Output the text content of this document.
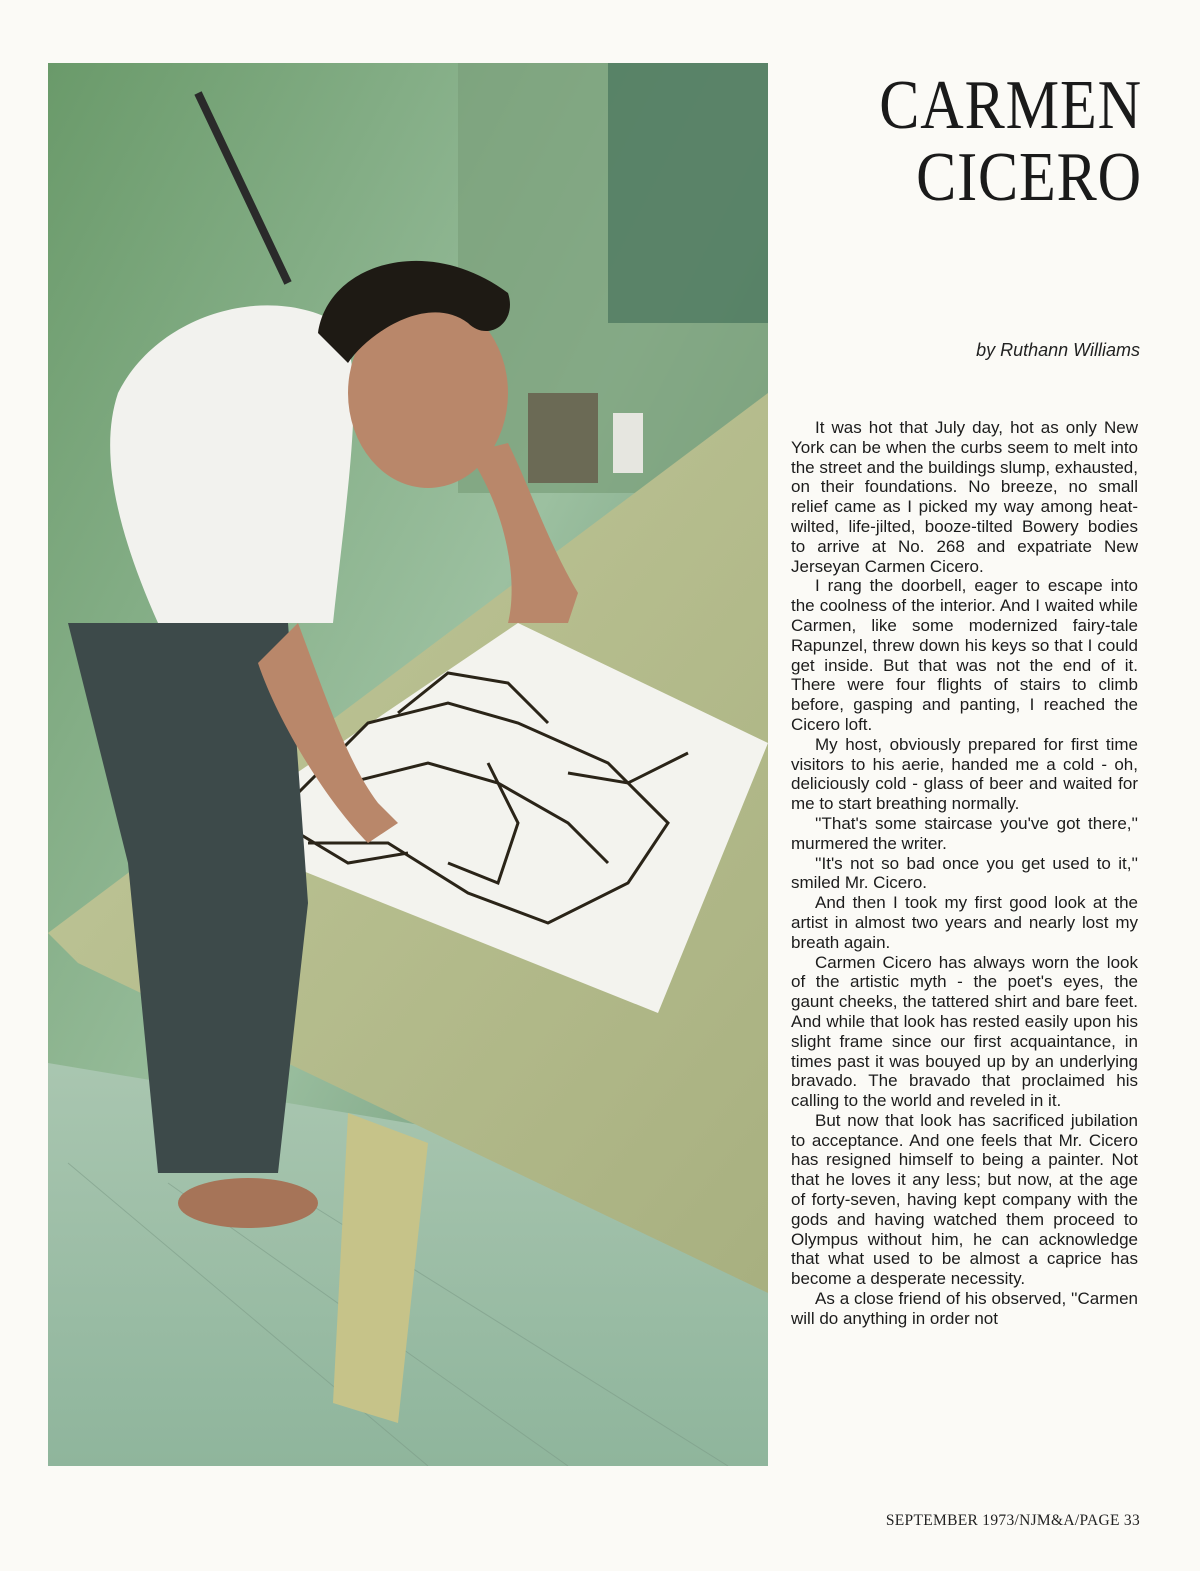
CARMEN
CICERO
by Ruthann Williams

It was hot that July day, hot as only New York can be when the curbs seem to melt into the street and the buildings slump, exhausted, on their foundations. No breeze, no small relief came as I picked my way among heat-wilted, life-jilted, booze-tilted Bowery bodies to arrive at No. 268 and expatriate New Jerseyan Carmen Cicero.

I rang the doorbell, eager to escape into the coolness of the interior. And I waited while Carmen, like some modernized fairy-tale Rapunzel, threw down his keys so that I could get inside. But that was not the end of it. There were four flights of stairs to climb before, gasping and panting, I reached the Cicero loft.

My host, obviously prepared for first time visitors to his aerie, handed me a cold - oh, deliciously cold - glass of beer and waited for me to start breathing normally.

''That's some staircase you've got there,'' murmered the writer.

''It's not so bad once you get used to it,'' smiled Mr. Cicero.

And then I took my first good look at the artist in almost two years and nearly lost my breath again.

Carmen Cicero has always worn the look of the artistic myth - the poet's eyes, the gaunt cheeks, the tattered shirt and bare feet. And while that look has rested easily upon his slight frame since our first acquaintance, in times past it was bouyed up by an underlying bravado. The bravado that proclaimed his calling to the world and reveled in it.

But now that look has sacrificed jubilation to acceptance. And one feels that Mr. Cicero has resigned himself to being a painter. Not that he loves it any less; but now, at the age of forty-seven, having kept company with the gods and having watched them proceed to Olympus without him, he can acknowledge that what used to be almost a caprice has become a desperate necessity.

As a close friend of his observed, ''Carmen will do anything in order not

SEPTEMBER 1973/NJM&A/PAGE 33
